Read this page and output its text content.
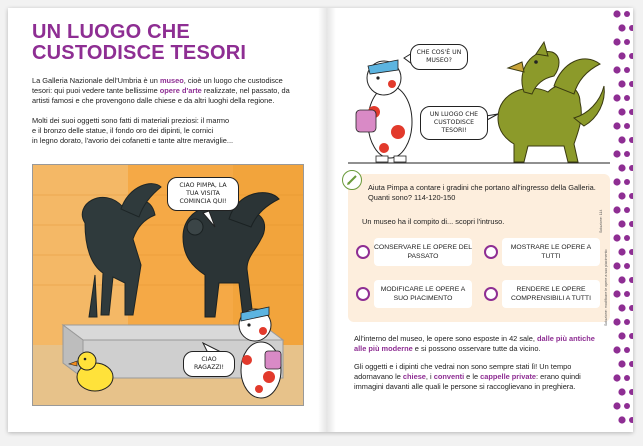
UN LUOGO CHE
CUSTODISCE TESORI

La Galleria Nazionale dell'Umbria è un museo, cioè un luogo che custodisce tesori: qui puoi vedere tante bellissime opere d'arte realizzate, nel passato, da artisti famosi e che provengono dalle chiese e da altri luoghi della regione.

Molti dei suoi oggetti sono fatti di materiali preziosi: il marmo
e il bronzo delle statue, il fondo oro dei dipinti, le cornici
in legno dorato, l'avorio dei cofanetti e tante altre meraviglie...

CIAO PIMPA, LA TUA VISITA COMINCIA QUI!
CIAO RAGAZZI!
CHE COS'È UN MUSEO?
UN LUOGO CHE CUSTODISCE TESORI!

Aiuta Pimpa a contare i gradini che portano all'ingresso della Galleria. Quanti sono? 114-120-150

Soluzione: 114

Un museo ha il compito di... scopri l'intruso.

CONSERVARE LE OPERE DEL PASSATO
MOSTRARE LE OPERE A TUTTI
MODIFICARE LE OPERE A SUO PIACIMENTO
RENDERE LE OPERE COMPRENSIBILI A TUTTI	Soluzione: modificare le opere a suo piacimento

All'interno del museo, le opere sono esposte in 42 sale, dalle più antiche alle più moderne e si possono osservare tutte da vicino.

Gli oggetti e i dipinti che vedrai non sono sempre stati lì! Un tempo adornavano le chiese, i conventi e le cappelle private: erano quindi immagini davanti alle quali le persone si raccoglievano in preghiera.
